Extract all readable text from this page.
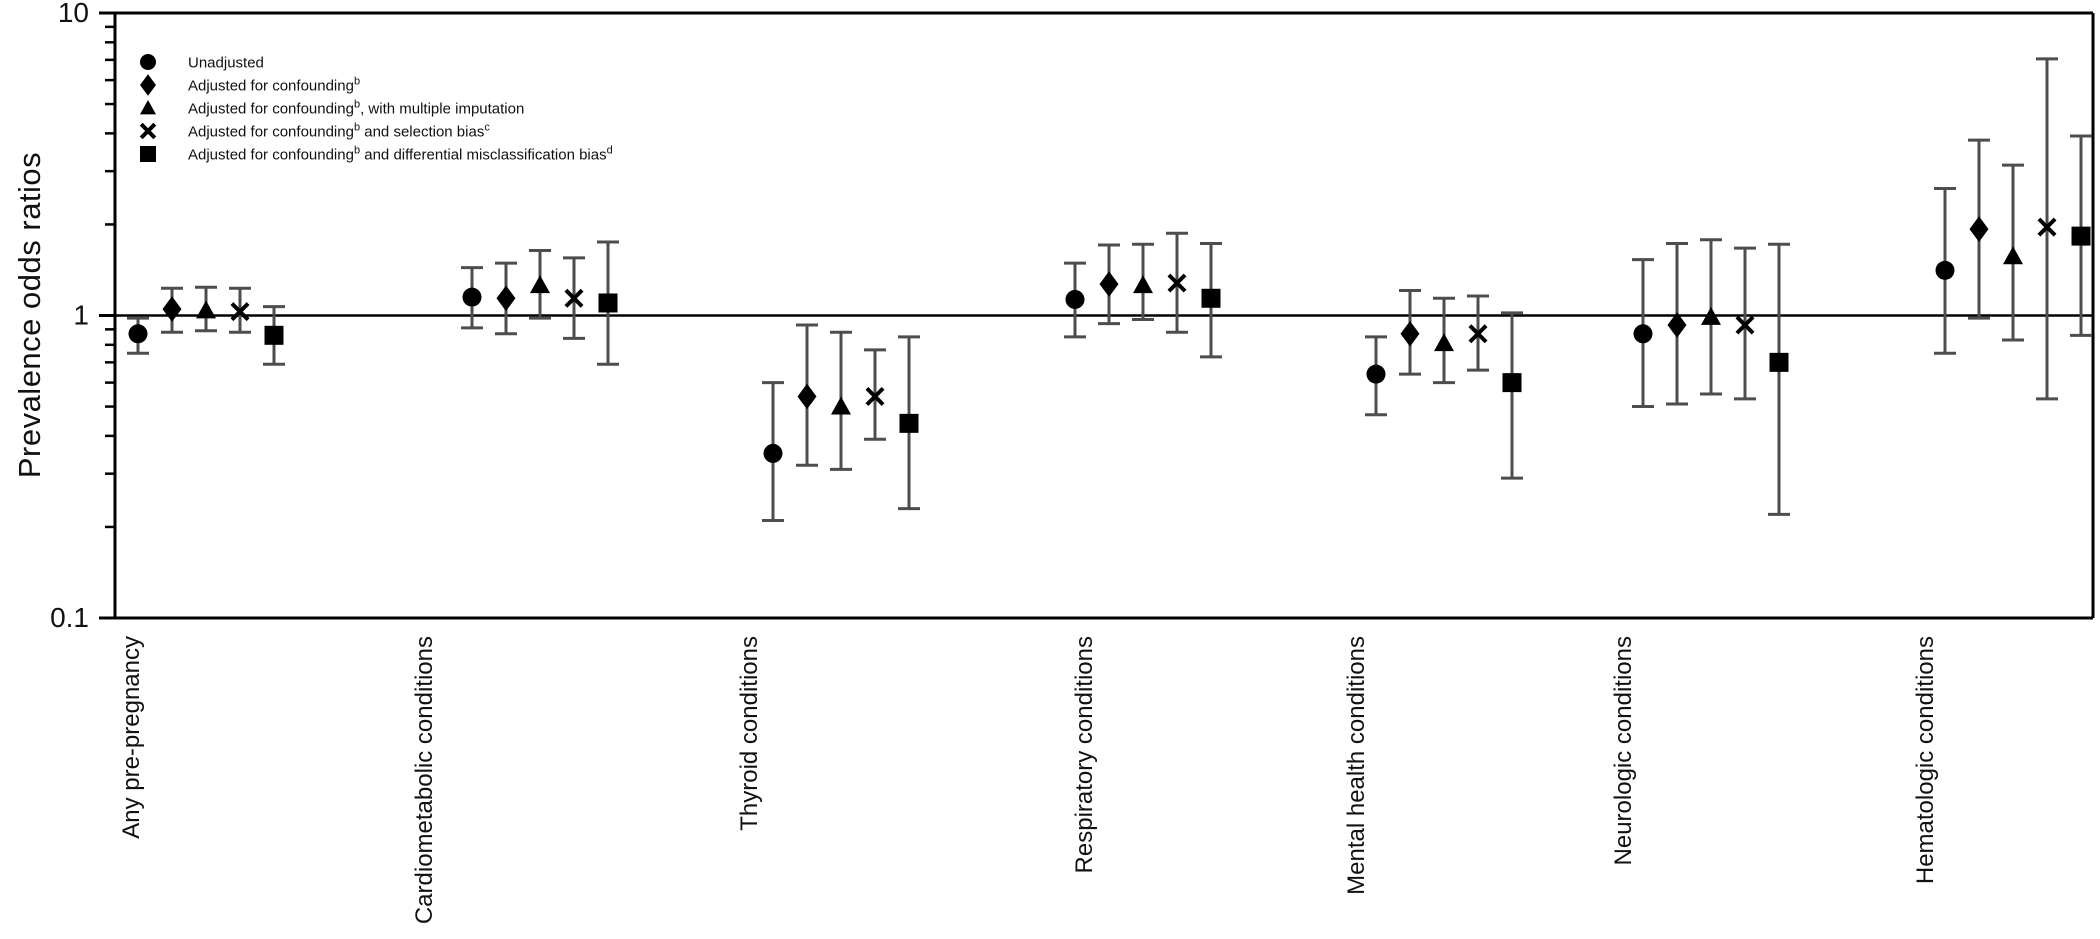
10
1
0.1
Unadjusted
Adjusted for confounding$^b$
Adjusted for confounding$^b$, with multiple imputation
Adjusted for confounding$^b$ and selection bias$^c$
Adjusted for confounding$^b$ and differential misclassification bias$^d$
Any pre-pregnancy	Cardiometabolic conditions	Thyroid conditions	Respiratory conditions	Mental health conditions	Neurologic conditions	Hematologic conditions
Prevalence odds ratios
